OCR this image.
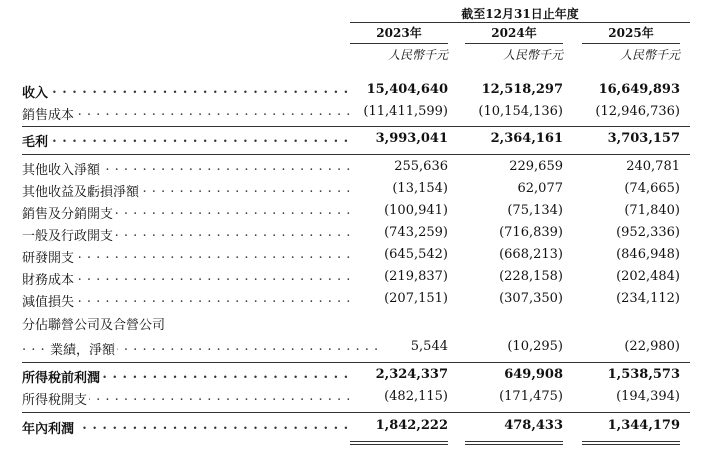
截至12月31日止年度
2023年	2024年	2025年
人民幣千元	人民幣千元	人民幣千元
收入 . . .	15,404,640	12,518,297	16,649,893
銷售成本 . . .	(11,411,599)	(10,154,136)	(12,946,736)
毛利 . . .	3,993,041	2,364,161	3,703,157
其他收入淨額 . . .	255,636	229,659	240,781
其他收益及虧損淨額 . . .	(13,154)	62,077	(74,665)
銷售及分銷開支 . . .	(100,941)	(75,134)	(71,840)
一般及行政開支 . . .	(743,259)	(716,839)	(952,336)
研發開支 . . .	(645,542)	(668,213)	(846,948)
財務成本 . . .	(219,837)	(228,158)	(202,484)
減值損失 . . .	(207,151)	(307,350)	(234,112)
分佔聯營公司及合營公司
業績，淨額 . . .	5,544	(10,295)	(22,980)
所得稅前利潤 . . .	2,324,337	649,908	1,538,573
所得稅開支 . . .	(482,115)	(171,475)	(194,394)
年內利潤 . . .	1,842,222	478,433	1,344,179
